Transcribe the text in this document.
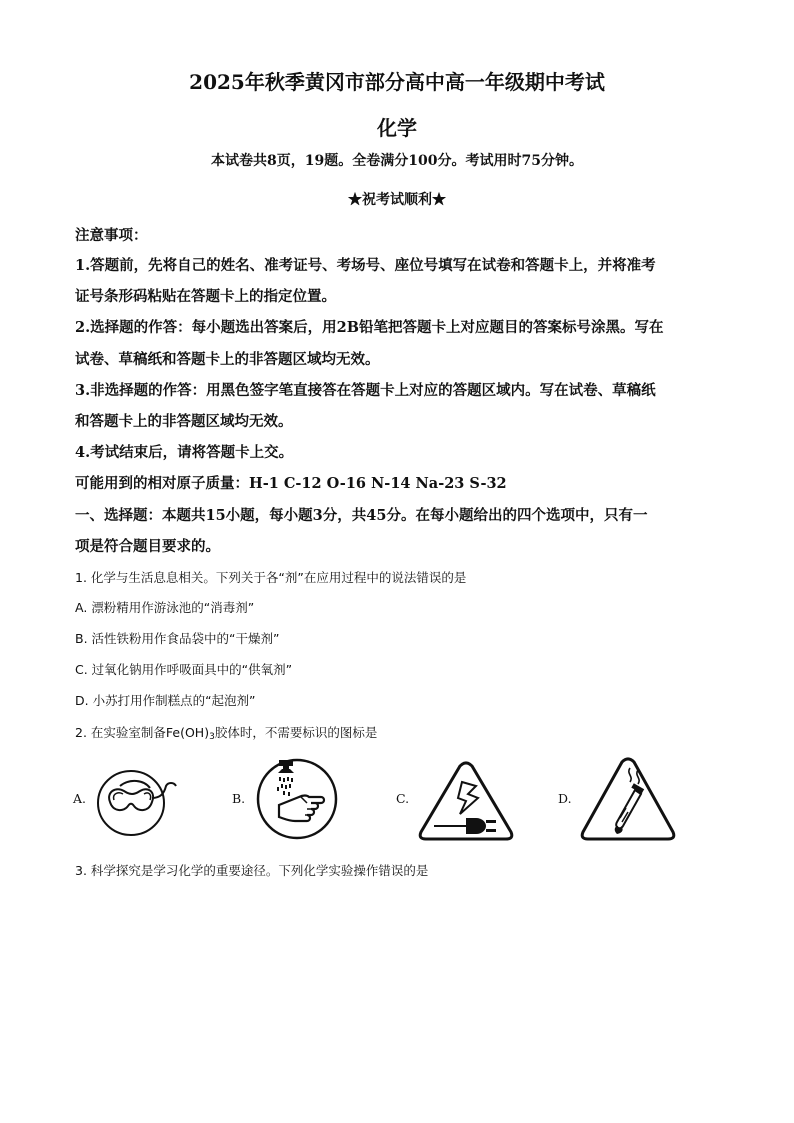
2025年秋季黄冈市部分高中高一年级期中考试
化学
本试卷共8页，19题。全卷满分100分。考试用时75分钟。
★祝考试顺利★
注意事项：
1.答题前，先将自己的姓名、准考证号、考场号、座位号填写在试卷和答题卡上，并将准考
证号条形码粘贴在答题卡上的指定位置。
2.选择题的作答：每小题选出答案后，用2B铅笔把答题卡上对应题目的答案标号涂黑。写在
试卷、草稿纸和答题卡上的非答题区域均无效。
3.非选择题的作答：用黑色签字笔直接答在答题卡上对应的答题区域内。写在试卷、草稿纸
和答题卡上的非答题区域均无效。
4.考试结束后，请将答题卡上交。
可能用到的相对原子质量：H-1 C-12 O-16 N-14 Na-23 S-32
一、选择题：本题共15小题，每小题3分，共45分。在每小题给出的四个选项中，只有一
项是符合题目要求的。
1. 化学与生活息息相关。下列关于各“剂”在应用过程中的说法错误的是
A. 漂粉精用作游泳池的“消毒剂”
B. 活性铁粉用作食品袋中的“干燥剂”
C. 过氧化钠用作呼吸面具中的“供氧剂”
D. 小苏打用作制糕点的“起泡剂”
2. 在实验室制备$Fe(OH)_3$胶体时，不需要标识的图标是
A.	B.	C.	D.
3. 科学探究是学习化学的重要途径。下列化学实验操作错误的是
